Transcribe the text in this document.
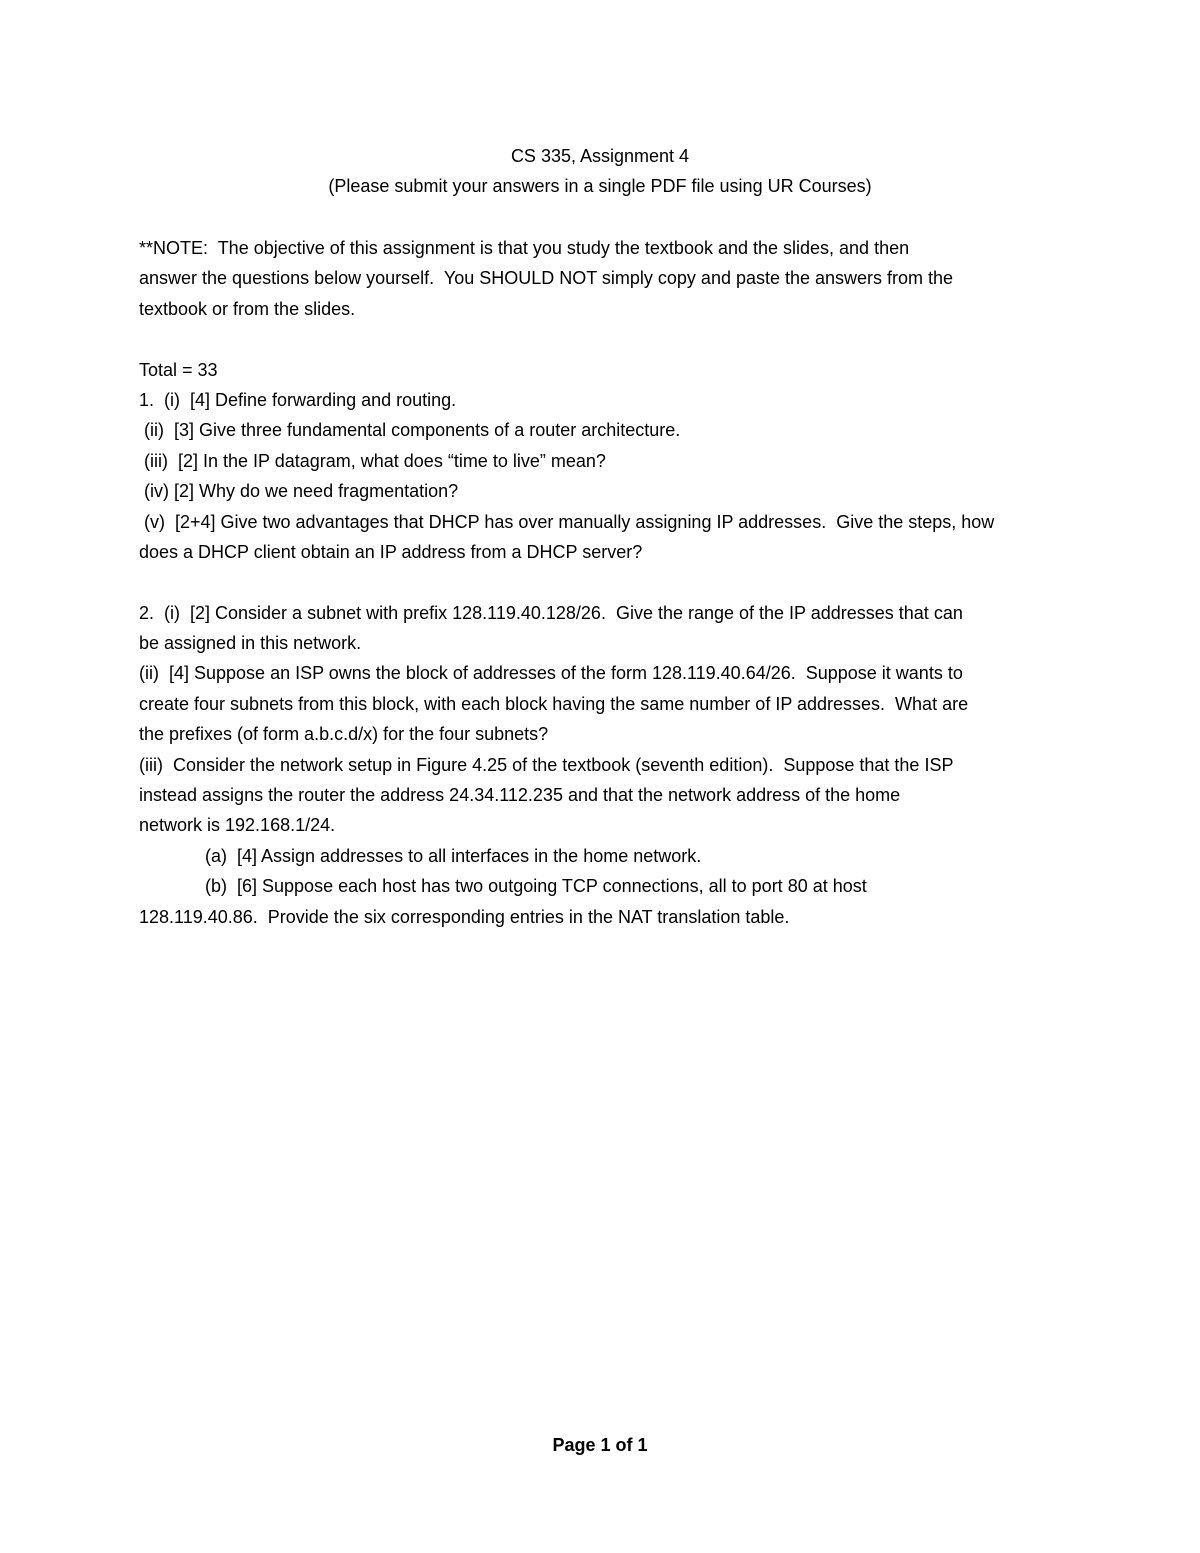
CS 335, Assignment 4
(Please submit your answers in a single PDF file using UR Courses)
**NOTE:  The objective of this assignment is that you study the textbook and the slides, and then
answer the questions below yourself.  You SHOULD NOT simply copy and paste the answers from the
textbook or from the slides.
Total = 33
1.  (i)  [4] Define forwarding and routing.
(ii)  [3] Give three fundamental components of a router architecture.
(iii)  [2] In the IP datagram, what does “time to live” mean?
(iv) [2] Why do we need fragmentation?
(v)  [2+4] Give two advantages that DHCP has over manually assigning IP addresses.  Give the steps, how
does a DHCP client obtain an IP address from a DHCP server?
2.  (i)  [2] Consider a subnet with prefix 128.119.40.128/26.  Give the range of the IP addresses that can
be assigned in this network.
(ii)  [4] Suppose an ISP owns the block of addresses of the form 128.119.40.64/26.  Suppose it wants to
create four subnets from this block, with each block having the same number of IP addresses.  What are
the prefixes (of form a.b.c.d/x) for the four subnets?
(iii)  Consider the network setup in Figure 4.25 of the textbook (seventh edition).  Suppose that the ISP
instead assigns the router the address 24.34.112.235 and that the network address of the home
network is 192.168.1/24.
(a)  [4] Assign addresses to all interfaces in the home network.
(b)  [6] Suppose each host has two outgoing TCP connections, all to port 80 at host
128.119.40.86.  Provide the six corresponding entries in the NAT translation table.
Page 1 of 1
